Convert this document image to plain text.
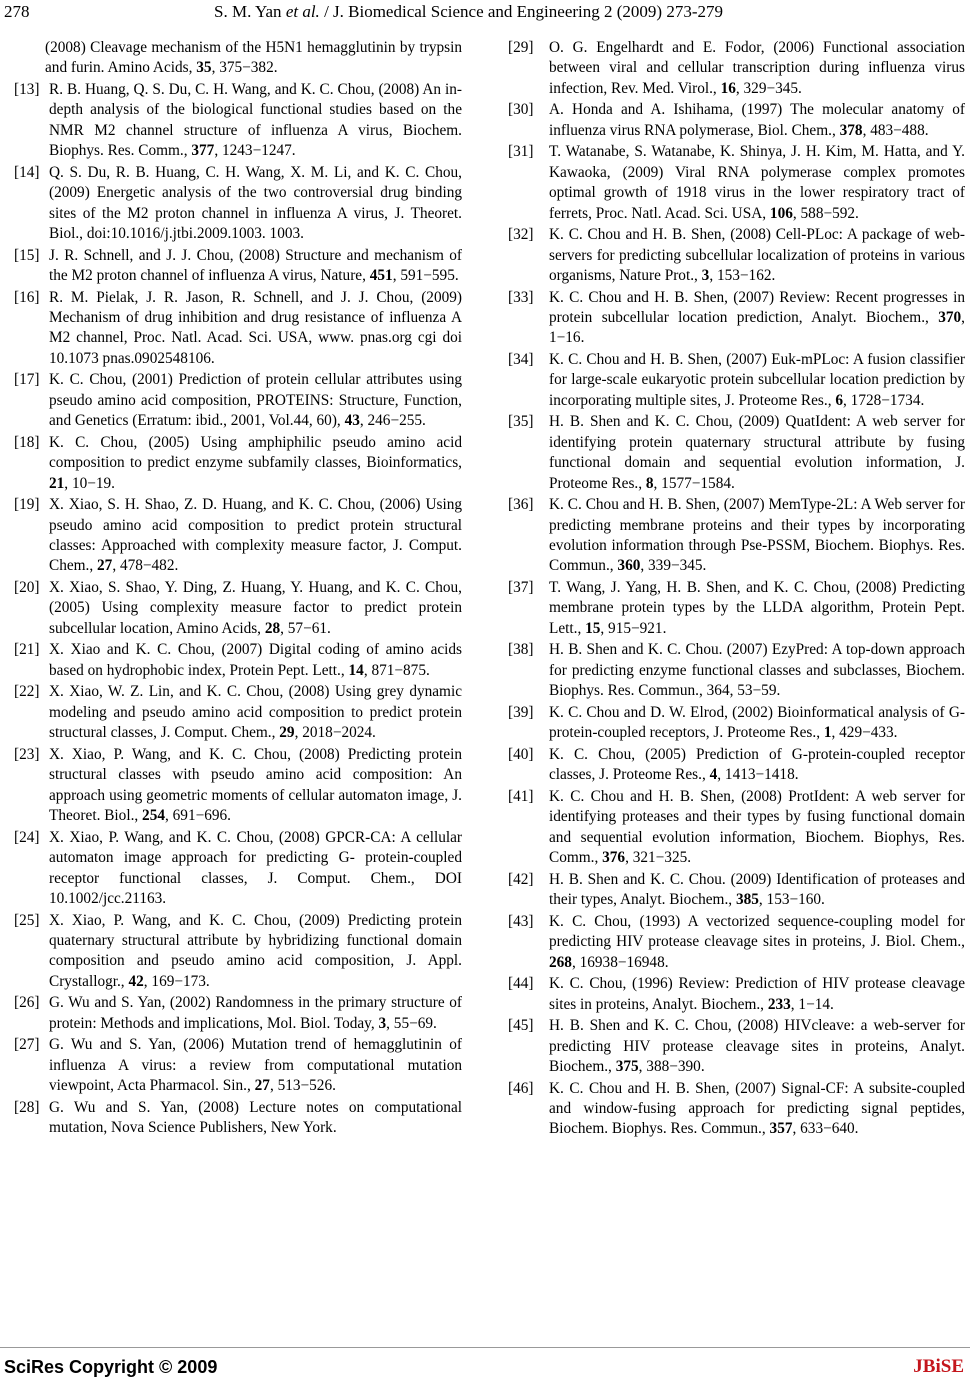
278	S. M. Yan et al. / J. Biomedical Science and Engineering 2 (2009) 273-279
(2008) Cleavage mechanism of the H5N1 hemagglutinin by trypsin and furin. Amino Acids, 35, 375−382.
[13] R. B. Huang, Q. S. Du, C. H. Wang, and K. C. Chou, (2008) An in-depth analysis of the biological functional studies based on the NMR M2 channel structure of influenza A virus, Biochem. Biophys. Res. Comm., 377, 1243−1247.
[14] Q. S. Du, R. B. Huang, C. H. Wang, X. M. Li, and K. C. Chou, (2009) Energetic analysis of the two controversial drug binding sites of the M2 proton channel in influenza A virus, J. Theoret. Biol., doi:10.1016/j.jtbi.2009.1003. 1003.
[15] J. R. Schnell, and J. J. Chou, (2008) Structure and mechanism of the M2 proton channel of influenza A virus, Nature, 451, 591−595.
[16] R. M. Pielak, J. R. Jason, R. Schnell, and J. J. Chou, (2009) Mechanism of drug inhibition and drug resistance of influenza A M2 channel, Proc. Natl. Acad. Sci. USA, www. pnas.org cgi doi 10.1073 pnas.0902548106.
[17] K. C. Chou, (2001) Prediction of protein cellular attributes using pseudo amino acid composition, PROTEINS: Structure, Function, and Genetics (Erratum: ibid., 2001, Vol.44, 60), 43, 246−255.
[18] K. C. Chou, (2005) Using amphiphilic pseudo amino acid composition to predict enzyme subfamily classes, Bioinformatics, 21, 10−19.
[19] X. Xiao, S. H. Shao, Z. D. Huang, and K. C. Chou, (2006) Using pseudo amino acid composition to predict protein structural classes: Approached with complexity measure factor, J. Comput. Chem., 27, 478−482.
[20] X. Xiao, S. Shao, Y. Ding, Z. Huang, Y. Huang, and K. C. Chou, (2005) Using complexity measure factor to predict protein subcellular location, Amino Acids, 28, 57−61.
[21] X. Xiao and K. C. Chou, (2007) Digital coding of amino acids based on hydrophobic index, Protein Pept. Lett., 14, 871−875.
[22] X. Xiao, W. Z. Lin, and K. C. Chou, (2008) Using grey dynamic modeling and pseudo amino acid composition to predict protein structural classes, J. Comput. Chem., 29, 2018−2024.
[23] X. Xiao, P. Wang, and K. C. Chou, (2008) Predicting protein structural classes with pseudo amino acid composition: An approach using geometric moments of cellular automaton image, J. Theoret. Biol., 254, 691−696.
[24] X. Xiao, P. Wang, and K. C. Chou, (2008) GPCR-CA: A cellular automaton image approach for predicting G- protein-coupled receptor functional classes, J. Comput. Chem., DOI 10.1002/jcc.21163.
[25] X. Xiao, P. Wang, and K. C. Chou, (2009) Predicting protein quaternary structural attribute by hybridizing functional domain composition and pseudo amino acid composition, J. Appl. Crystallogr., 42, 169−173.
[26] G. Wu and S. Yan, (2002) Randomness in the primary structure of protein: Methods and implications, Mol. Biol. Today, 3, 55−69.
[27] G. Wu and S. Yan, (2006) Mutation trend of hemagglutinin of influenza A virus: a review from computational mutation viewpoint, Acta Pharmacol. Sin., 27, 513−526.
[28] G. Wu and S. Yan, (2008) Lecture notes on computational mutation, Nova Science Publishers, New York.
[29] O. G. Engelhardt and E. Fodor, (2006) Functional association between viral and cellular transcription during influenza virus infection, Rev. Med. Virol., 16, 329−345.
[30] A. Honda and A. Ishihama, (1997) The molecular anatomy of influenza virus RNA polymerase, Biol. Chem., 378, 483−488.
[31] T. Watanabe, S. Watanabe, K. Shinya, J. H. Kim, M. Hatta, and Y. Kawaoka, (2009) Viral RNA polymerase complex promotes optimal growth of 1918 virus in the lower respiratory tract of ferrets, Proc. Natl. Acad. Sci. USA, 106, 588−592.
[32] K. C. Chou and H. B. Shen, (2008) Cell-PLoc: A package of web-servers for predicting subcellular localization of proteins in various organisms, Nature Prot., 3, 153−162.
[33] K. C. Chou and H. B. Shen, (2007) Review: Recent progresses in protein subcellular location prediction, Analyt. Biochem., 370, 1−16.
[34] K. C. Chou and H. B. Shen, (2007) Euk-mPLoc: A fusion classifier for large-scale eukaryotic protein subcellular location prediction by incorporating multiple sites, J. Proteome Res., 6, 1728−1734.
[35] H. B. Shen and K. C. Chou, (2009) QuatIdent: A web server for identifying protein quaternary structural attribute by fusing functional domain and sequential evolution information, J. Proteome Res., 8, 1577−1584.
[36] K. C. Chou and H. B. Shen, (2007) MemType-2L: A Web server for predicting membrane proteins and their types by incorporating evolution information through Pse-PSSM, Biochem. Biophys. Res. Commun., 360, 339−345.
[37] T. Wang, J. Yang, H. B. Shen, and K. C. Chou, (2008) Predicting membrane protein types by the LLDA algorithm, Protein Pept. Lett., 15, 915−921.
[38] H. B. Shen and K. C. Chou. (2007) EzyPred: A top-down approach for predicting enzyme functional classes and subclasses, Biochem. Biophys. Res. Commun., 364, 53−59.
[39] K. C. Chou and D. W. Elrod, (2002) Bioinformatical analysis of G-protein-coupled receptors, J. Proteome Res., 1, 429−433.
[40] K. C. Chou, (2005) Prediction of G-protein-coupled receptor classes, J. Proteome Res., 4, 1413−1418.
[41] K. C. Chou and H. B. Shen, (2008) ProtIdent: A web server for identifying proteases and their types by fusing functional domain and sequential evolution information, Biochem. Biophys, Res. Comm., 376, 321−325.
[42] H. B. Shen and K. C. Chou. (2009) Identification of proteases and their types, Analyt. Biochem., 385, 153−160.
[43] K. C. Chou, (1993) A vectorized sequence-coupling model for predicting HIV protease cleavage sites in proteins, J. Biol. Chem., 268, 16938−16948.
[44] K. C. Chou, (1996) Review: Prediction of HIV protease cleavage sites in proteins, Analyt. Biochem., 233, 1−14.
[45] H. B. Shen and K. C. Chou, (2008) HIVcleave: a web-server for predicting HIV protease cleavage sites in proteins, Analyt. Biochem., 375, 388−390.
[46] K. C. Chou and H. B. Shen, (2007) Signal-CF: A subsite-coupled and window-fusing approach for predicting signal peptides, Biochem. Biophys. Res. Commun., 357, 633−640.
SciRes Copyright © 2009	JBiSE
